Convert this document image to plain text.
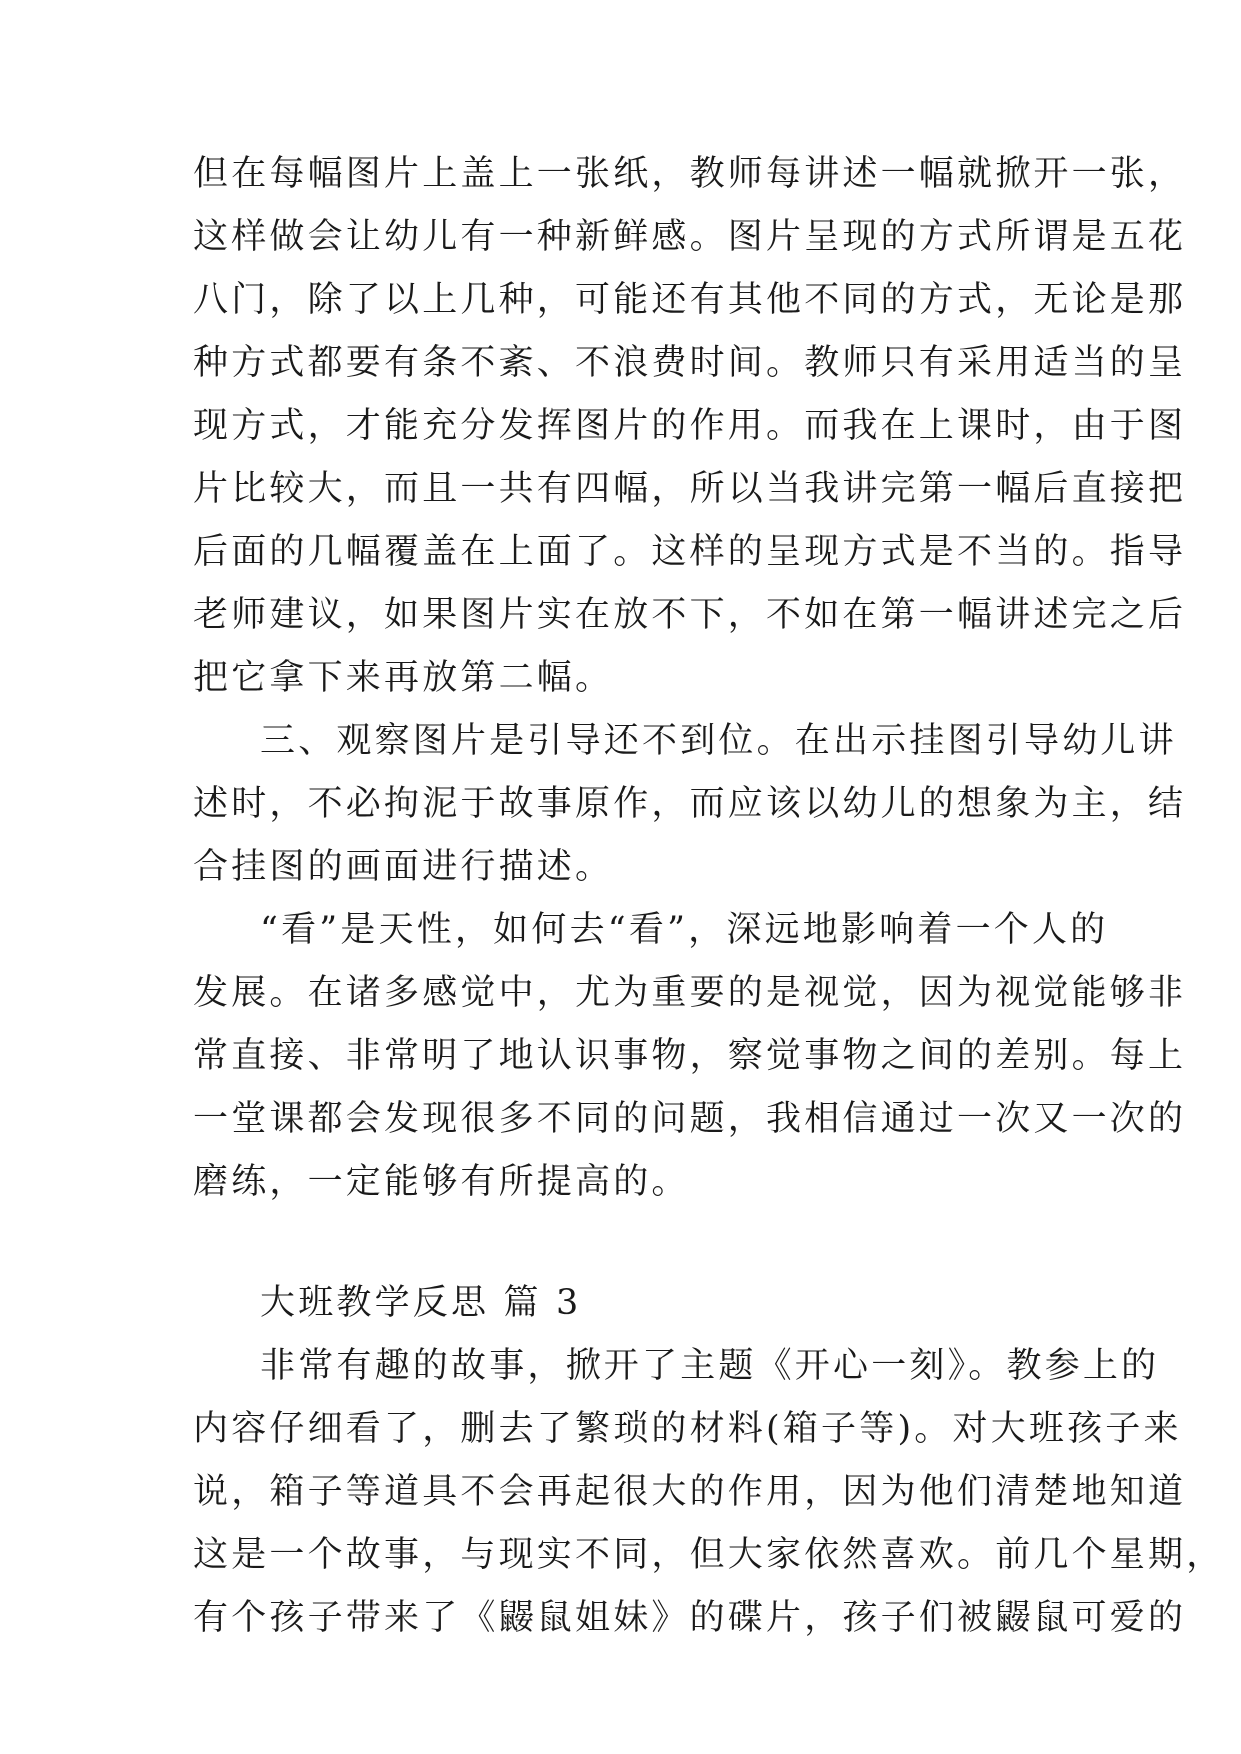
但在每幅图片上盖上一张纸，教师每讲述一幅就掀开一张，
这样做会让幼儿有一种新鲜感。图片呈现的方式所谓是五花
八门，除了以上几种，可能还有其他不同的方式，无论是那
种方式都要有条不紊、不浪费时间。教师只有采用适当的呈
现方式，才能充分发挥图片的作用。而我在上课时，由于图
片比较大，而且一共有四幅，所以当我讲完第一幅后直接把
后面的几幅覆盖在上面了。这样的呈现方式是不当的。指导
老师建议，如果图片实在放不下，不如在第一幅讲述完之后
把它拿下来再放第二幅。
三、观察图片是引导还不到位。在出示挂图引导幼儿讲
述时，不必拘泥于故事原作，而应该以幼儿的想象为主，结
合挂图的画面进行描述。
“看”是天性，如何去“看”，深远地影响着一个人的
发展。在诸多感觉中，尤为重要的是视觉，因为视觉能够非
常直接、非常明了地认识事物，察觉事物之间的差别。每上
一堂课都会发现很多不同的问题，我相信通过一次又一次的
磨练，一定能够有所提高的。
大班教学反思 篇 3
非常有趣的故事，掀开了主题《开心一刻》。教参上的
内容仔细看了，删去了繁琐的材料(箱子等)。对大班孩子来
说，箱子等道具不会再起很大的作用，因为他们清楚地知道
这是一个故事，与现实不同，但大家依然喜欢。前几个星期，
有个孩子带来了《鼹鼠姐妹》的碟片，孩子们被鼹鼠可爱的
